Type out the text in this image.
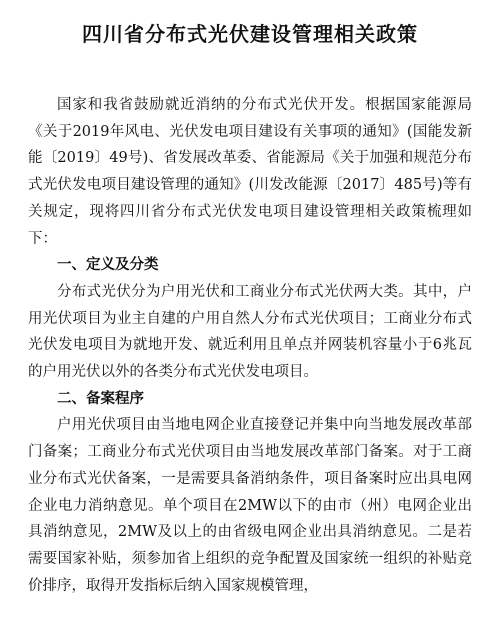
四川省分布式光伏建设管理相关政策

国家和我省鼓励就近消纳的分布式光伏开发。根据国家能源局《关于2019年风电、光伏发电项目建设有关事项的通知》(国能发新能〔2019〕49号)、省发展改革委、省能源局《关于加强和规范分布式光伏发电项目建设管理的通知》(川发改能源〔2017〕485号)等有关规定，现将四川省分布式光伏发电项目建设管理相关政策梳理如下：

一、定义及分类

分布式光伏分为户用光伏和工商业分布式光伏两大类。其中，户用光伏项目为业主自建的户用自然人分布式光伏项目；工商业分布式光伏发电项目为就地开发、就近利用且单点并网装机容量小于6兆瓦的户用光伏以外的各类分布式光伏发电项目。

二、备案程序

户用光伏项目由当地电网企业直接登记并集中向当地发展改革部门备案；工商业分布式光伏项目由当地发展改革部门备案。对于工商业分布式光伏备案，一是需要具备消纳条件，项目备案时应出具电网企业电力消纳意见。单个项目在2MW以下的由市（州）电网企业出具消纳意见，2MW及以上的由省级电网企业出具消纳意见。二是若需要国家补贴，须参加省上组织的竞争配置及国家统一组织的补贴竞价排序，取得开发指标后纳入国家规模管理，
